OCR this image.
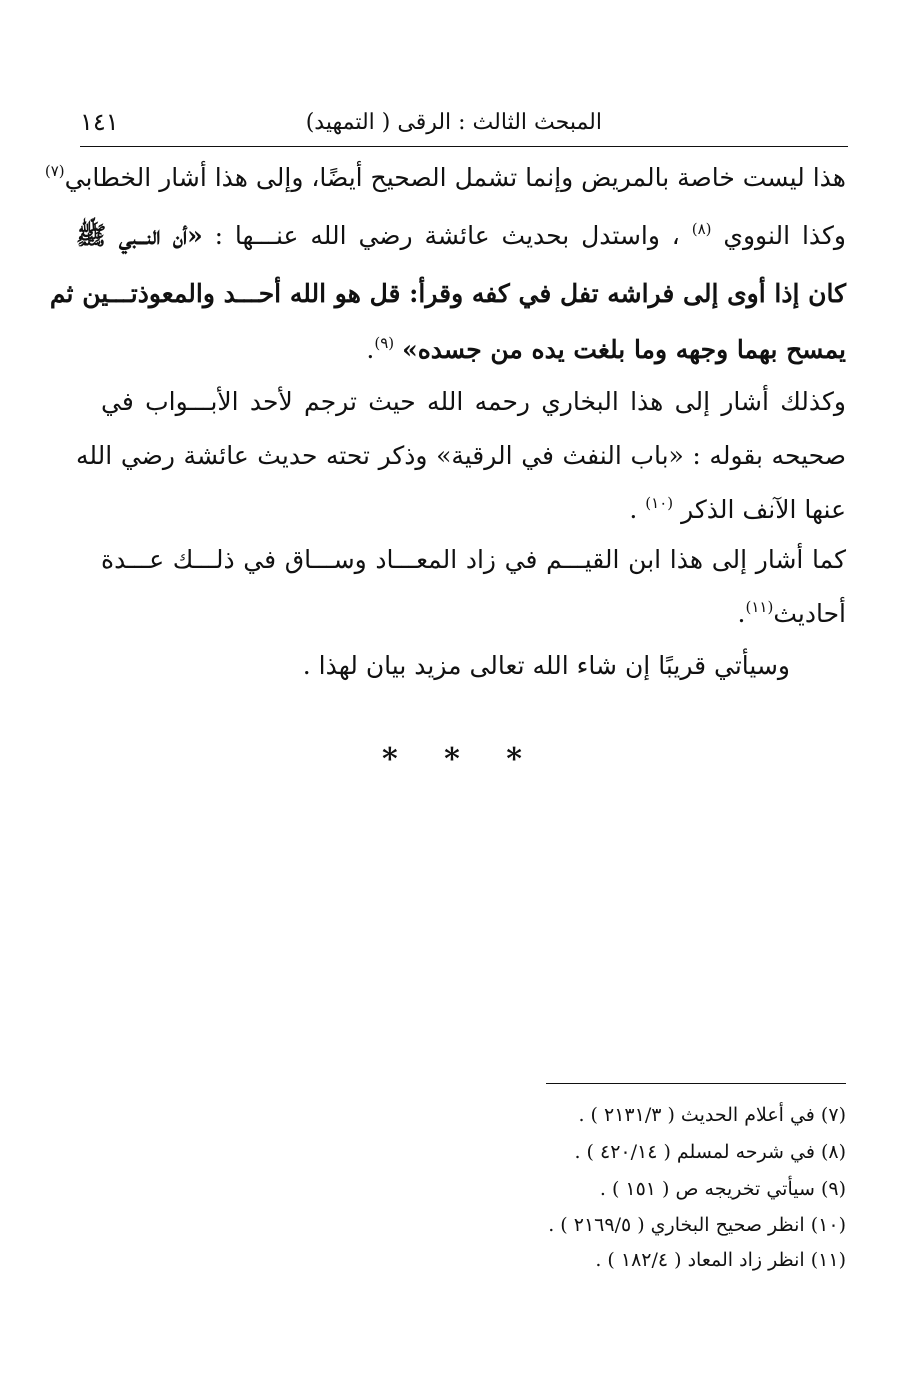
المبحث الثالث : الرقى ( التمهيد)
١٤١
هذا ليست خاصة بالمريض وإنما تشمل الصحيح أيضًا، وإلى هذا أشار الخطابي$^{(٧)}$
وكذا النووي $^{(٨)}$ ، واستدل بحديث عائشة رضي الله عنـــها : «أن النـــبي ﷺ
كان إذا أوى إلى فراشه تفل في كفه وقرأ: قل هو الله أحـــد والمعوذتـــين ثم
يمسح بهما وجهه وما بلغت يده من جسده» $^{(٩)}$.
وكذلك أشار إلى هذا البخاري رحمه الله حيث ترجم لأحد الأبـــواب في
صحيحه بقوله : «باب النفث في الرقية» وذكر تحته حديث عائشة رضي الله
عنها الآنف الذكر $^{(١٠)}$ .
كما أشار إلى هذا ابن القيـــم في زاد المعـــاد وســـاق في ذلـــك عـــدة
أحاديث$^{(١١)}$.
وسيأتي قريبًا إن شاء الله تعالى مزيد بيان لهذا .
* * *
(٧) في أعلام الحديث ( ٢١٣١/٣ ) .
(٨) في شرحه لمسلم ( ٤٢٠/١٤ ) .
(٩) سيأتي تخريجه ص ( ١٥١ ) .
(١٠) انظر صحيح البخاري ( ٢١٦٩/٥ ) .
(١١) انظر زاد المعاد ( ١٨٢/٤ ) .
